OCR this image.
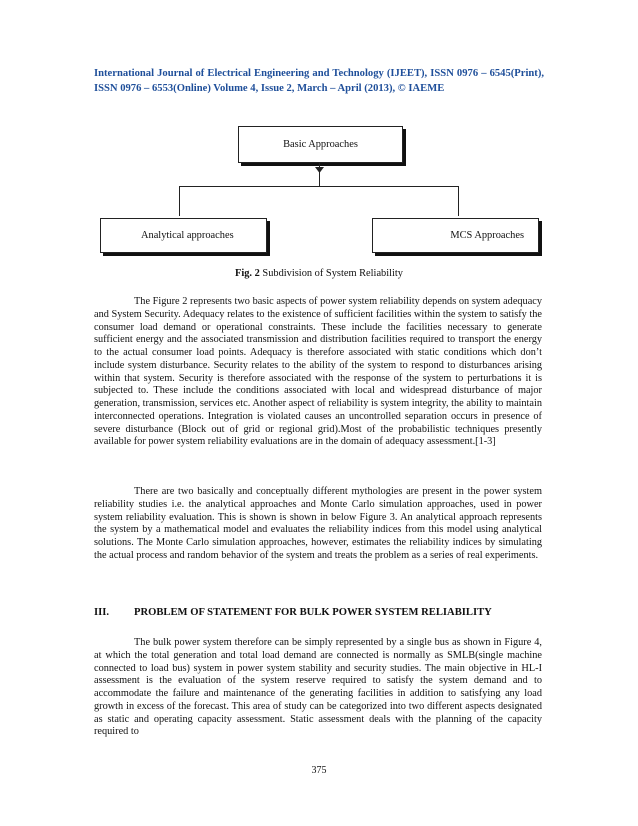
International Journal of Electrical Engineering and Technology (IJEET), ISSN 0976 – 6545(Print), ISSN 0976 – 6553(Online) Volume 4, Issue 2, March – April (2013), © IAEME
Basic Approaches
Analytical approaches	MCS Approaches
Fig. 2 Subdivision of System Reliability

The Figure 2 represents two basic aspects of power system reliability depends on system adequacy and System Security. Adequacy relates to the existence of sufficient facilities within the system to satisfy the consumer load demand or operational constraints. These include the facilities necessary to generate sufficient energy and the associated transmission and distribution facilities required to transport the energy to the actual consumer load points. Adequacy is therefore associated with static conditions which don’t include system disturbance. Security relates to the ability of the system to respond to disturbances arising within that system. Security is therefore associated with the response of the system to perturbations it is subjected to. These include the conditions associated with local and widespread disturbance of major generation, transmission, services etc. Another aspect of reliability is system integrity, the ability to maintain interconnected operations. Integration is violated causes an uncontrolled separation occurs in presence of severe disturbance (Block out of grid or regional grid).Most of the probabilistic techniques presently available for power system reliability evaluations are in the domain of adequacy assessment.[1-3]

There are two basically and conceptually different mythologies are present in the power system reliability studies i.e. the analytical approaches and Monte Carlo simulation approaches, used in power system reliability evaluation. This is shown is shown in below Figure 3. An analytical approach represents the system by a mathematical model and evaluates the reliability indices from this model using analytical solutions. The Monte Carlo simulation approaches, however, estimates the reliability indices by simulating the actual process and random behavior of the system and treats the problem as a series of real experiments.

III. PROBLEM OF STATEMENT FOR BULK POWER SYSTEM RELIABILITY

The bulk power system therefore can be simply represented by a single bus as shown in Figure 4, at which the total generation and total load demand are connected is normally as SMLB(single machine connected to load bus) system in power system stability and security studies. The main objective in HL-I assessment is the evaluation of the system reserve required to satisfy the system demand and to accommodate the failure and maintenance of the generating facilities in addition to satisfying any load growth in excess of the forecast. This area of study can be categorized into two different aspects designated as static and operating capacity assessment. Static assessment deals with the planning of the capacity required to

375
